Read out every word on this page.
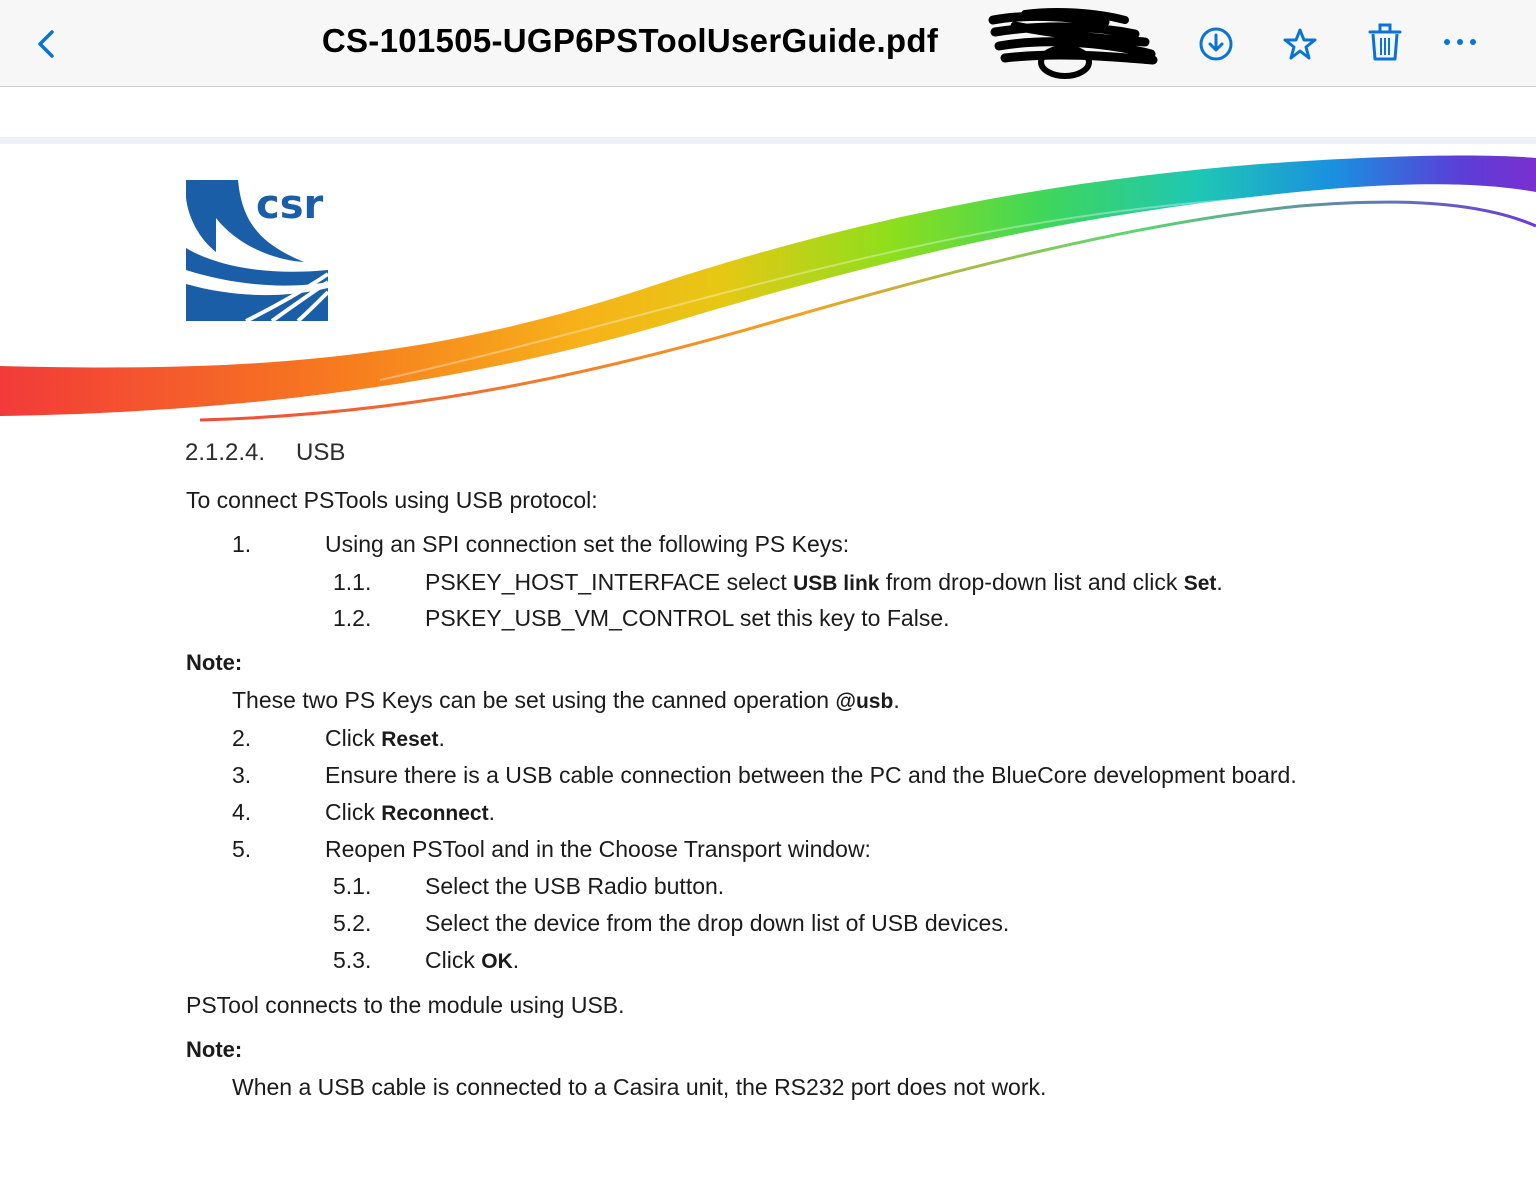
CS-101505-UGP6PSToolUserGuide.pdf
csr
2.1.2.4. USB
To connect PSTools using USB protocol:
1.	Using an SPI connection set the following PS Keys:
1.1. PSKEY_HOST_INTERFACE select USB link from drop-down list and click Set.
1.2. PSKEY_USB_VM_CONTROL set this key to False.
Note:
These two PS Keys can be set using the canned operation @usb.
2.	Click Reset.
3.	Ensure there is a USB cable connection between the PC and the BlueCore development board.
4.	Click Reconnect.
5.	Reopen PSTool and in the Choose Transport window:
5.1. Select the USB Radio button.
5.2. Select the device from the drop down list of USB devices.
5.3. Click OK.
PSTool connects to the module using USB.
Note:
When a USB cable is connected to a Casira unit, the RS232 port does not work.
